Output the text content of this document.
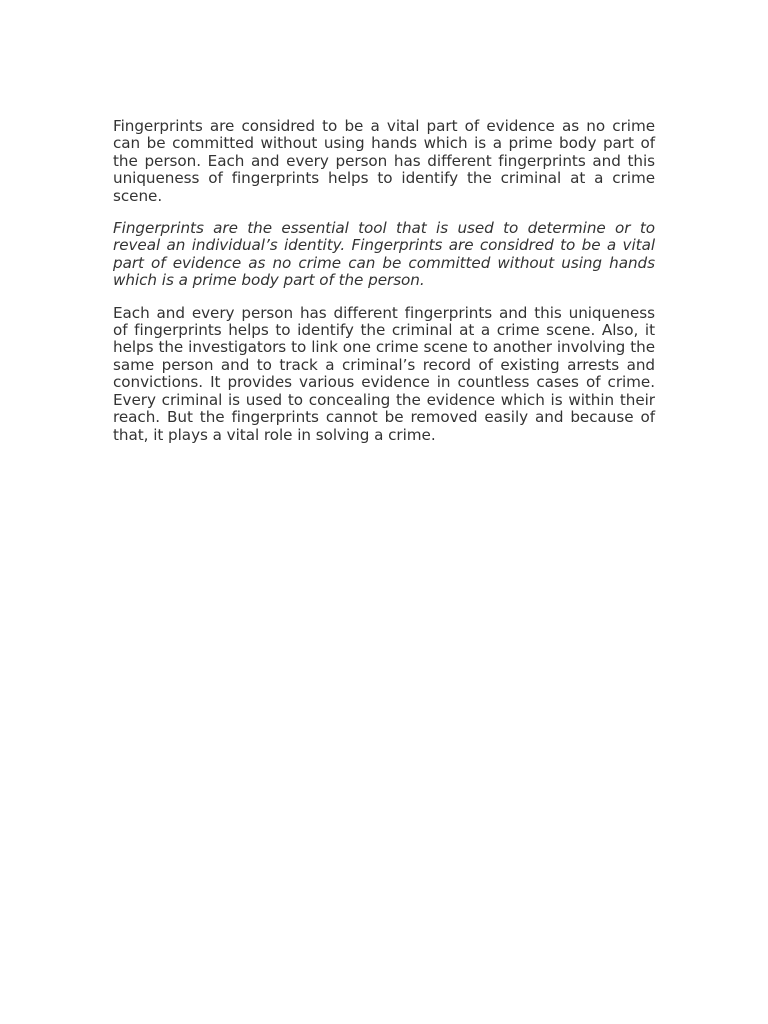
Fingerprints are considred to be a vital part of evidence as no crime can be committed without using hands which is a prime body part of the person. Each and every person has different fingerprints and this uniqueness of fingerprints helps to identify the criminal at a crime scene.

Fingerprints are the essential tool that is used to determine or to reveal an individual’s identity. Fingerprints are considred to be a vital part of evidence as no crime can be committed without using hands which is a prime body part of the person.

Each and every person has different fingerprints and this uniqueness of fingerprints helps to identify the criminal at a crime scene. Also, it helps the investigators to link one crime scene to another involving the same person and to track a criminal’s record of existing arrests and convictions. It provides various evidence in countless cases of crime. Every criminal is used to concealing the evidence which is within their reach. But the fingerprints cannot be removed easily and because of that, it plays a vital role in solving a crime.
